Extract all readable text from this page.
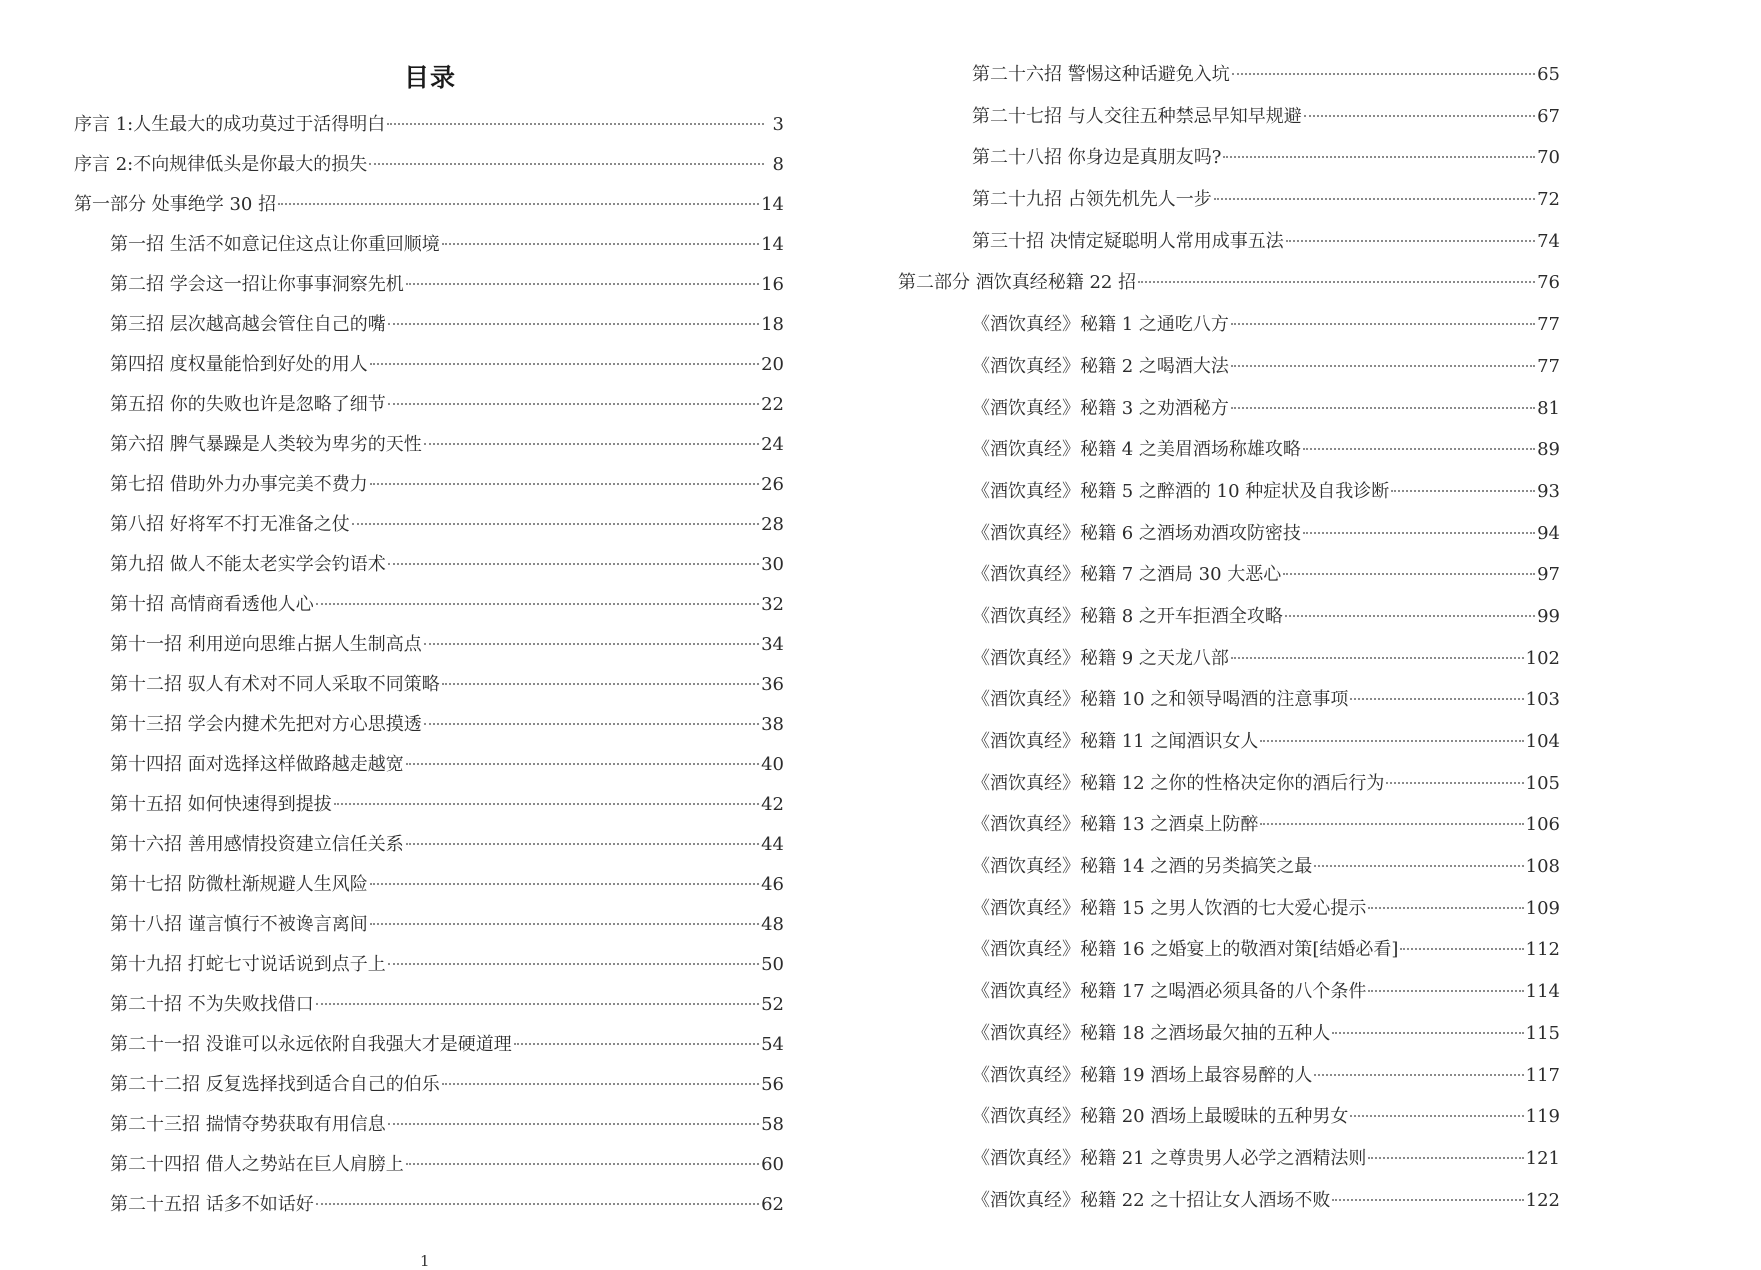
目录
序言 1:人生最大的成功莫过于活得明白	3
序言 2:不向规律低头是你最大的损失	8
第一部分 处事绝学 30 招	14
第一招 生活不如意记住这点让你重回顺境	14
第二招 学会这一招让你事事洞察先机	16
第三招 层次越高越会管住自己的嘴	18
第四招 度权量能恰到好处的用人	20
第五招 你的失败也许是忽略了细节	22
第六招 脾气暴躁是人类较为卑劣的天性	24
第七招 借助外力办事完美不费力	26
第八招 好将军不打无准备之仗	28
第九招 做人不能太老实学会钓语术	30
第十招 高情商看透他人心	32
第十一招 利用逆向思维占据人生制高点	34
第十二招 驭人有术对不同人采取不同策略	36
第十三招 学会内揵术先把对方心思摸透	38
第十四招 面对选择这样做路越走越宽	40
第十五招 如何快速得到提拔	42
第十六招 善用感情投资建立信任关系	44
第十七招 防微杜渐规避人生风险	46
第十八招 谨言慎行不被谗言离间	48
第十九招 打蛇七寸说话说到点子上	50
第二十招 不为失败找借口	52
第二十一招 没谁可以永远依附自我强大才是硬道理	54
第二十二招 反复选择找到适合自己的伯乐	56
第二十三招 揣情夺势获取有用信息	58
第二十四招 借人之势站在巨人肩膀上	60
第二十五招 话多不如话好	62
1
第二十六招 警惕这种话避免入坑	65
第二十七招 与人交往五种禁忌早知早规避	67
第二十八招 你身边是真朋友吗?	70
第二十九招 占领先机先人一步	72
第三十招 决情定疑聪明人常用成事五法	74
第二部分 酒饮真经秘籍 22 招	76
《酒饮真经》秘籍 1 之通吃八方	77
《酒饮真经》秘籍 2 之喝酒大法	77
《酒饮真经》秘籍 3 之劝酒秘方	81
《酒饮真经》秘籍 4 之美眉酒场称雄攻略	89
《酒饮真经》秘籍 5 之醉酒的 10 种症状及自我诊断	93
《酒饮真经》秘籍 6 之酒场劝酒攻防密技	94
《酒饮真经》秘籍 7 之酒局 30 大恶心	97
《酒饮真经》秘籍 8 之开车拒酒全攻略	99
《酒饮真经》秘籍 9 之天龙八部	102
《酒饮真经》秘籍 10 之和领导喝酒的注意事项	103
《酒饮真经》秘籍 11 之闻酒识女人	104
《酒饮真经》秘籍 12 之你的性格决定你的酒后行为	105
《酒饮真经》秘籍 13 之酒桌上防醉	106
《酒饮真经》秘籍 14 之酒的另类搞笑之最	108
《酒饮真经》秘籍 15 之男人饮酒的七大爱心提示	109
《酒饮真经》秘籍 16 之婚宴上的敬酒对策[结婚必看]	112
《酒饮真经》秘籍 17 之喝酒必须具备的八个条件	114
《酒饮真经》秘籍 18 之酒场最欠抽的五种人	115
《酒饮真经》秘籍 19 酒场上最容易醉的人	117
《酒饮真经》秘籍 20 酒场上最暧昧的五种男女	119
《酒饮真经》秘籍 21 之尊贵男人必学之酒精法则	121
《酒饮真经》秘籍 22 之十招让女人酒场不败	122
